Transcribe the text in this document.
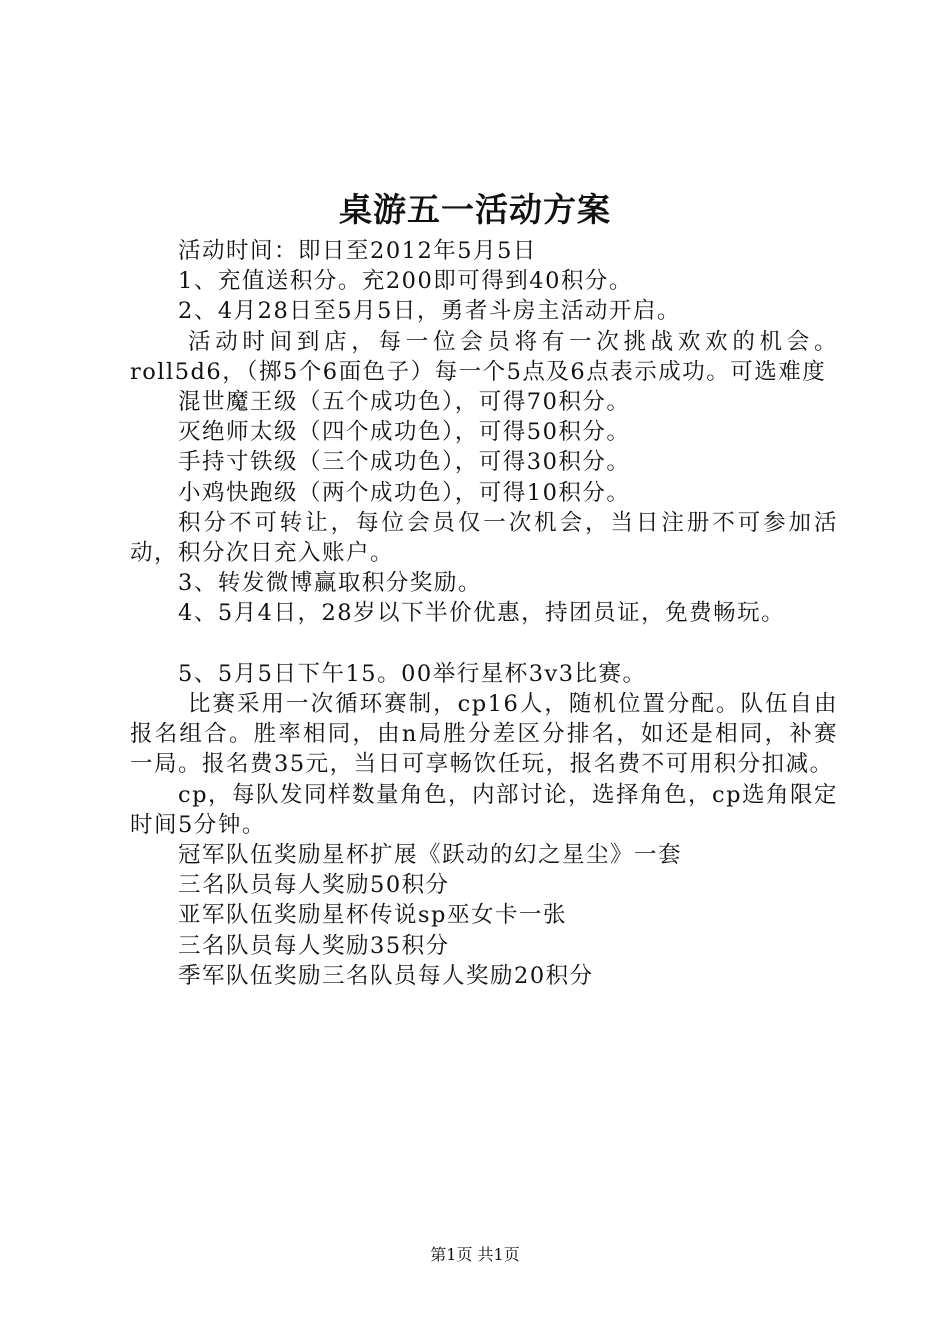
桌游五一活动方案

活动时间：即日至2012年5月5日

1、充值送积分。充200即可得到40积分。

2、4月28日至5月5日，勇者斗房主活动开启。

活动时间到店，每一位会员将有一次挑战欢欢的机会。roll5d6，（掷5个6面色子）每一个5点及6点表示成功。可选难度

混世魔王级（五个成功色），可得70积分。

灭绝师太级（四个成功色），可得50积分。

手持寸铁级（三个成功色），可得30积分。

小鸡快跑级（两个成功色），可得10积分。

积分不可转让，每位会员仅一次机会，当日注册不可参加活动，积分次日充入账户。

3、转发微博赢取积分奖励。

4、5月4日，28岁以下半价优惠，持团员证，免费畅玩。

5、5月5日下午15。00举行星杯3v3比赛。

比赛采用一次循环赛制，cp16人，随机位置分配。队伍自由报名组合。胜率相同，由n局胜分差区分排名，如还是相同，补赛一局。报名费35元，当日可享畅饮任玩，报名费不可用积分扣减。

cp，每队发同样数量角色，内部讨论，选择角色，cp选角限定时间5分钟。

冠军队伍奖励星杯扩展《跃动的幻之星尘》一套

三名队员每人奖励50积分

亚军队伍奖励星杯传说sp巫女卡一张

三名队员每人奖励35积分

季军队伍奖励三名队员每人奖励20积分

第1页 共1页
